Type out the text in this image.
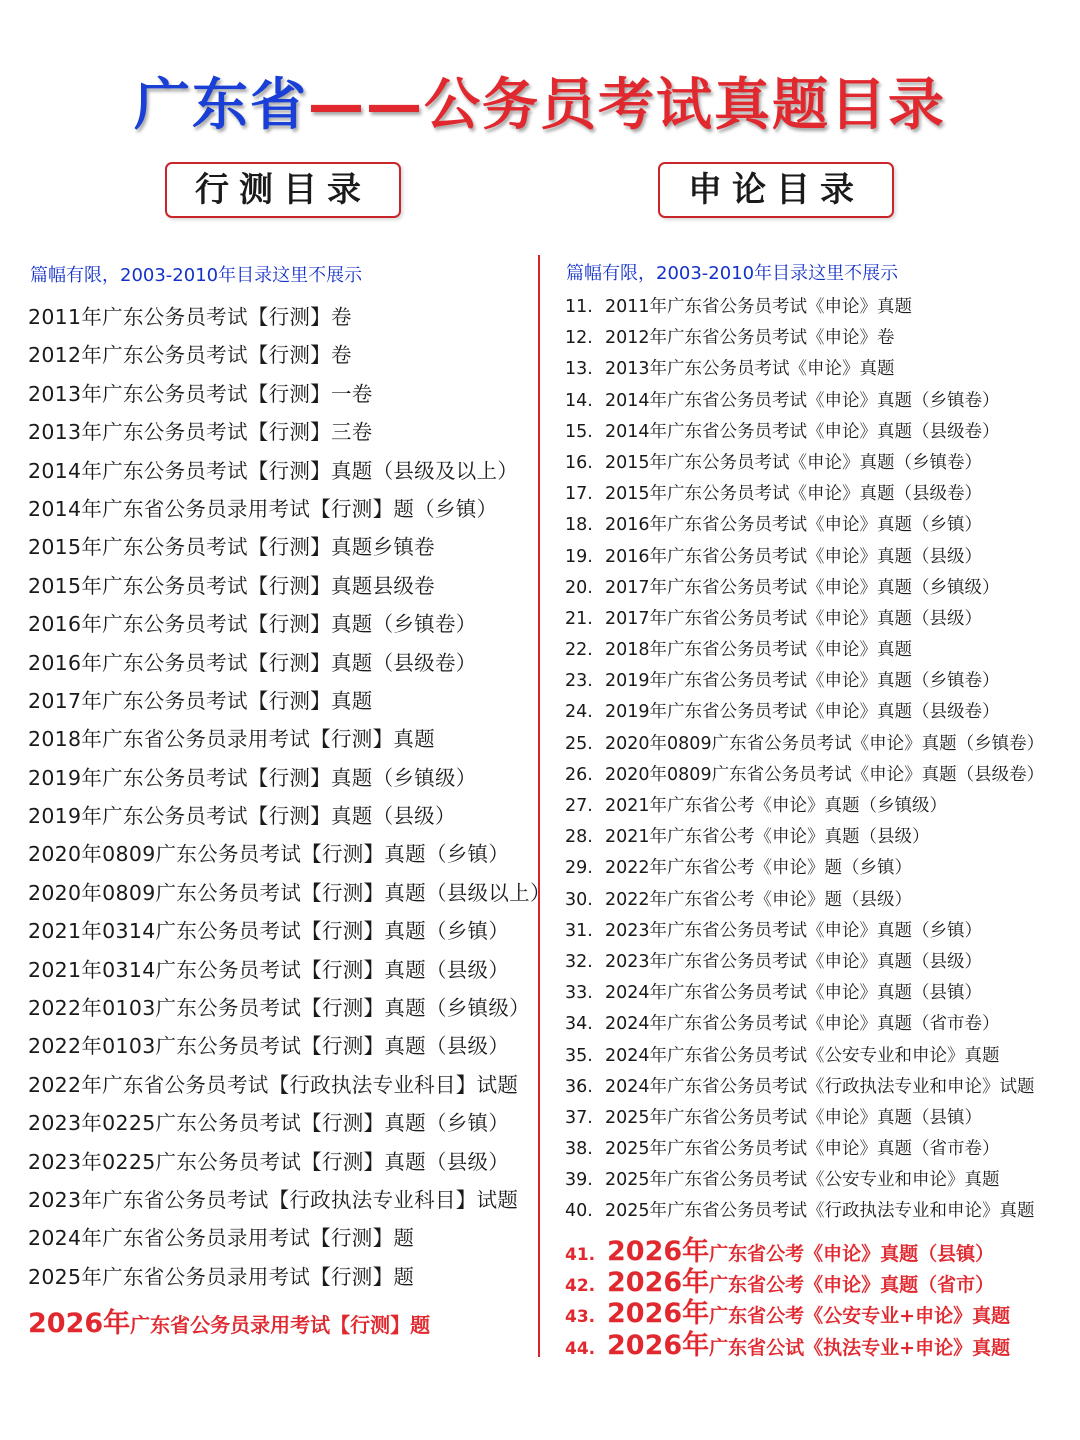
广东省——公务员考试真题目录
行测目录	申论目录
篇幅有限，2003-2010年目录这里不展示	篇幅有限，2003-2010年目录这里不展示
2011年广东公务员考试【行测】卷
2012年广东公务员考试【行测】卷
2013年广东公务员考试【行测】一卷
2013年广东公务员考试【行测】三卷
2014年广东公务员考试【行测】真题（县级及以上）
2014年广东省公务员录用考试【行测】题（乡镇）
2015年广东公务员考试【行测】真题乡镇卷
2015年广东公务员考试【行测】真题县级卷
2016年广东公务员考试【行测】真题（乡镇卷）
2016年广东公务员考试【行测】真题（县级卷）
2017年广东公务员考试【行测】真题
2018年广东省公务员录用考试【行测】真题
2019年广东公务员考试【行测】真题（乡镇级）
2019年广东公务员考试【行测】真题（县级）
2020年0809广东公务员考试【行测】真题（乡镇）
2020年0809广东公务员考试【行测】真题（县级以上）
2021年0314广东公务员考试【行测】真题（乡镇）
2021年0314广东公务员考试【行测】真题（县级）
2022年0103广东公务员考试【行测】真题（乡镇级）
2022年0103广东公务员考试【行测】真题（县级）
2022年广东省公务员考试【行政执法专业科目】试题
2023年0225广东公务员考试【行测】真题（乡镇）
2023年0225广东公务员考试【行测】真题（县级）
2023年广东省公务员考试【行政执法专业科目】试题
2024年广东省公务员录用考试【行测】题
2025年广东省公务员录用考试【行测】题
2026年广东省公务员录用考试【行测】题
11. 2011年广东省公务员考试《申论》真题
12. 2012年广东省公务员考试《申论》卷
13. 2013年广东公务员考试《申论》真题
14. 2014年广东省公务员考试《申论》真题（乡镇卷）
15. 2014年广东省公务员考试《申论》真题（县级卷）
16. 2015年广东公务员考试《申论》真题（乡镇卷）
17. 2015年广东公务员考试《申论》真题（县级卷）
18. 2016年广东省公务员考试《申论》真题（乡镇）
19. 2016年广东省公务员考试《申论》真题（县级）
20. 2017年广东省公务员考试《申论》真题（乡镇级）
21. 2017年广东省公务员考试《申论》真题（县级）
22. 2018年广东省公务员考试《申论》真题
23. 2019年广东省公务员考试《申论》真题（乡镇卷）
24. 2019年广东省公务员考试《申论》真题（县级卷）
25. 2020年0809广东省公务员考试《申论》真题（乡镇卷）
26. 2020年0809广东省公务员考试《申论》真题（县级卷）
27. 2021年广东省公考《申论》真题（乡镇级）
28. 2021年广东省公考《申论》真题（县级）
29. 2022年广东省公考《申论》题（乡镇）
30. 2022年广东省公考《申论》题（县级）
31. 2023年广东省公务员考试《申论》真题（乡镇）
32. 2023年广东省公务员考试《申论》真题（县级）
33. 2024年广东省公务员考试《申论》真题（县镇）
34. 2024年广东省公务员考试《申论》真题（省市卷）
35. 2024年广东省公务员考试《公安专业和申论》真题
36. 2024年广东省公务员考试《行政执法专业和申论》试题
37. 2025年广东省公务员考试《申论》真题（县镇）
38. 2025年广东省公务员考试《申论》真题（省市卷）
39. 2025年广东省公务员考试《公安专业和申论》真题
40. 2025年广东省公务员考试《行政执法专业和申论》真题
41. 2026年广东省公考《申论》真题（县镇）
42. 2026年广东省公考《申论》真题（省市）
43. 2026年广东省公考《公安专业+申论》真题
44. 2026年广东省公试《执法专业+申论》真题
